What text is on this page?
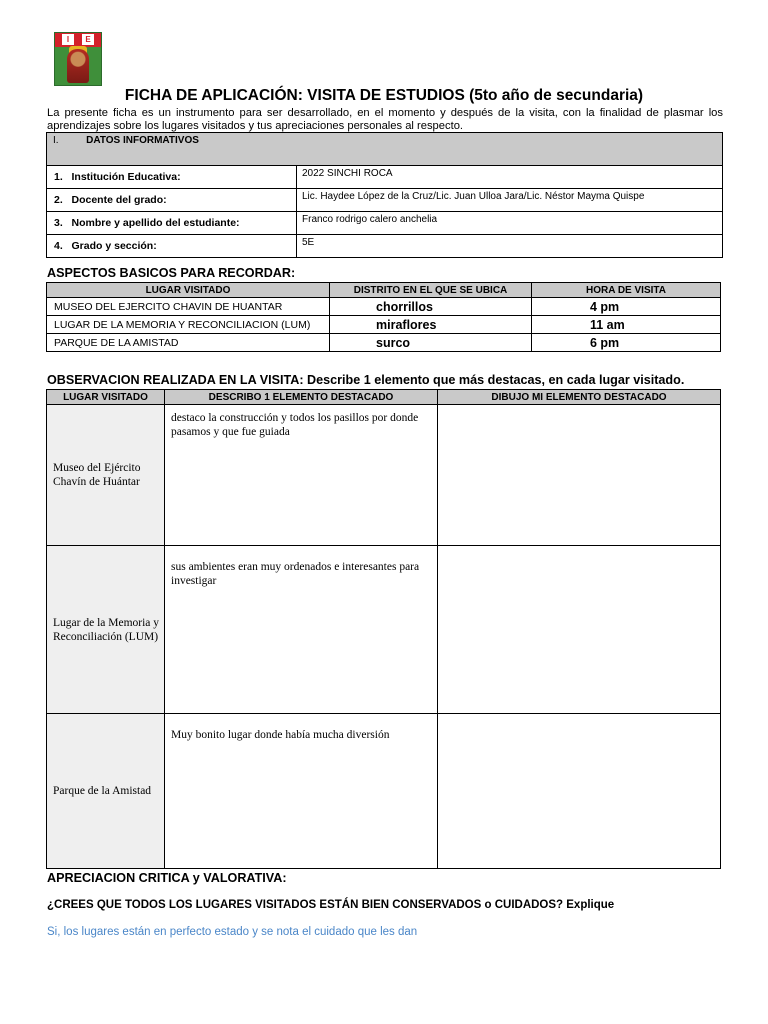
I	E
FICHA DE APLICACIÓN: VISITA DE ESTUDIOS (5to año de secundaria)
La presente ficha es un instrumento para ser desarrollado, en el momento y después de la visita, con la finalidad de plasmar los aprendizajes sobre los lugares visitados y tus apreciaciones personales al respecto.
I. DATOS INFORMATIVOS	
1.   Institución Educativa:	2022 SINCHI ROCA
2.   Docente del grado:	Lic. Haydee López de la Cruz/Lic. Juan Ulloa Jara/Lic. Néstor Mayma Quispe
3.   Nombre y apellido del estudiante:	Franco rodrigo calero anchelia
4.   Grado y sección:	5E
ASPECTOS BASICOS PARA RECORDAR:
LUGAR VISITADO	DISTRITO EN EL QUE SE UBICA	HORA DE VISITA
MUSEO DEL EJERCITO CHAVIN DE HUANTAR	chorrillos	4 pm
LUGAR DE LA MEMORIA Y RECONCILIACION (LUM)	miraflores	11 am
PARQUE DE LA AMISTAD	surco	6 pm
OBSERVACION REALIZADA EN LA VISITA: Describe 1 elemento que más destacas, en cada lugar visitado.
LUGAR VISITADO	DESCRIBO 1 ELEMENTO DESTACADO	DIBUJO MI ELEMENTO DESTACADO
Museo del Ejército Chavín de Huántar	destaco la construcción y todos los pasillos por donde pasamos y que fue guiada	
Lugar de la Memoria y Reconciliación (LUM)	sus ambientes eran muy ordenados e interesantes para investigar	
Parque de la Amistad	Muy bonito lugar donde había mucha diversión	
APRECIACION CRITICA y VALORATIVA:
¿CREES QUE TODOS LOS LUGARES VISITADOS ESTÁN BIEN CONSERVADOS o CUIDADOS? Explique
Si, los lugares están en perfecto estado y se nota el cuidado que les dan
